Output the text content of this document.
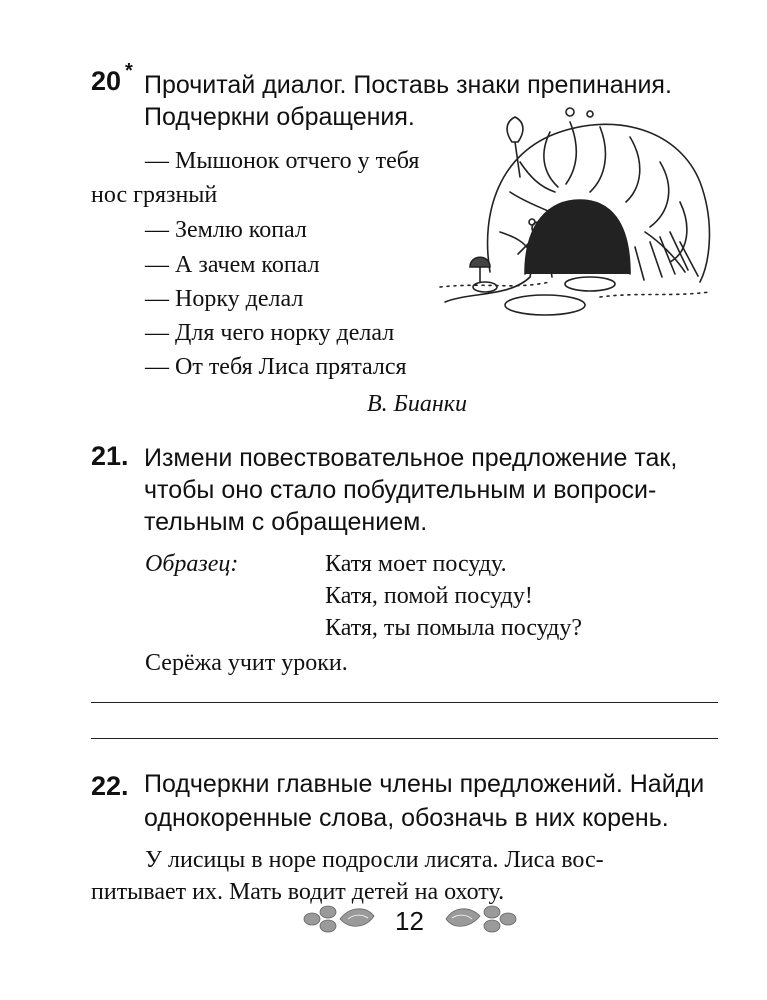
20 * Прочитай диалог. Поставь знаки препинания.
Подчеркни обращения.
— Мышонок отчего у тебя
нос грязный
— Землю копал
— А зачем копал
— Норку делал
— Для чего норку делал
— От тебя Лиса прятался
В. Бианки
21. Измени повествовательное предложение так,
чтобы оно стало побудительным и вопроси-
тельным с обращением.
Образец:	Катя моет посуду.
Катя, помой посуду!
Катя, ты помыла посуду?
Серёжа учит уроки.
22. Подчеркни главные члены предложений. Найди
однокоренные слова, обозначь в них корень.
У лисицы в норе подросли лисята. Лиса вос-
питывает их. Мать водит детей на охоту.
12
